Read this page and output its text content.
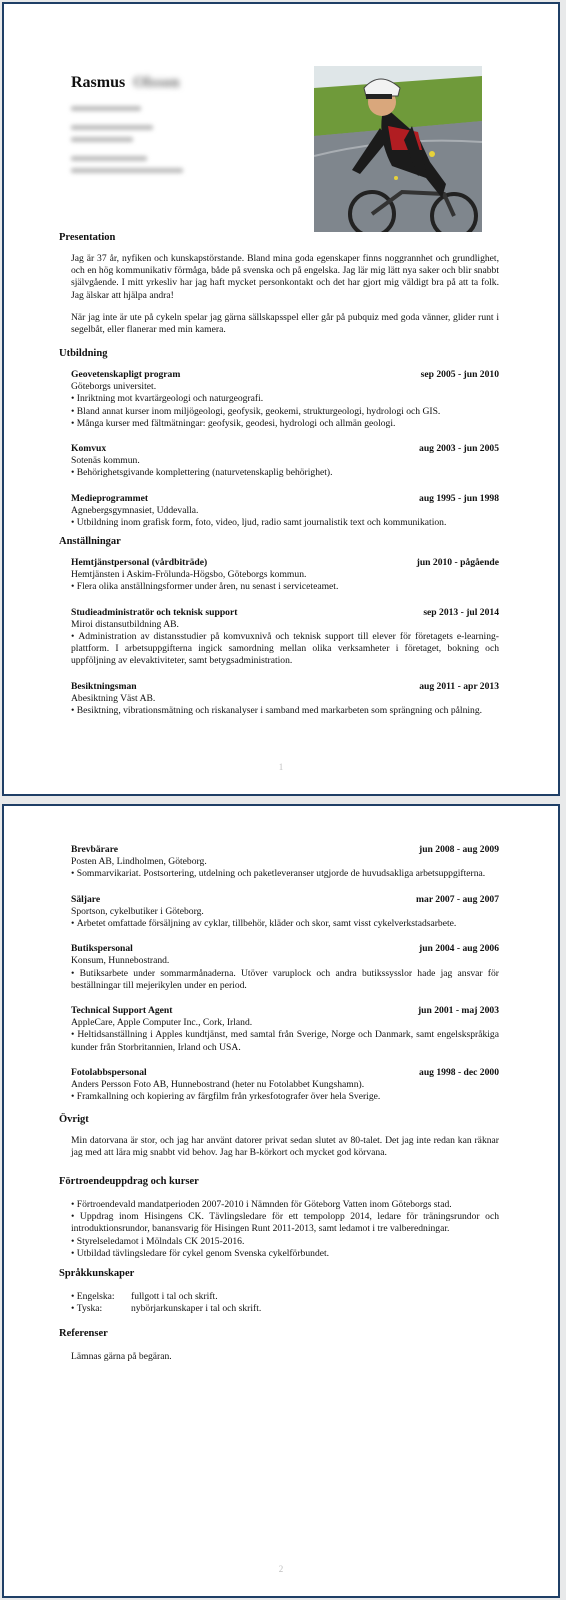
Rasmus Olsson
Presentation

Jag är 37 år, nyfiken och kunskapstörstande. Bland mina goda egenskaper finns noggrannhet och grundlighet, och en hög kommunikativ förmåga, både på svenska och på engelska. Jag lär mig lätt nya saker och blir snabbt självgående. I mitt yrkesliv har jag haft mycket personkontakt och det har gjort mig väldigt bra på att ta folk. Jag älskar att hjälpa andra!

När jag inte är ute på cykeln spelar jag gärna sällskapsspel eller går på pubquiz med goda vänner, glider runt i segelbåt, eller flanerar med min kamera.

Utbildning
Geovetenskapligt program	sep 2005 - jun 2010
Göteborgs universitet.
• Inriktning mot kvartärgeologi och naturgeografi.
• Bland annat kurser inom miljögeologi, geofysik, geokemi, strukturgeologi, hydrologi och GIS.
• Många kurser med fältmätningar: geofysik, geodesi, hydrologi och allmän geologi.
Komvux	aug 2003 - jun 2005
Sotenäs kommun.
• Behörighetsgivande komplettering (naturvetenskaplig behörighet).
Medieprogrammet	aug 1995 - jun 1998
Agnebergsgymnasiet, Uddevalla.
• Utbildning inom grafisk form, foto, video, ljud, radio samt journalistik text och kommunikation.
Anställningar
Hemtjänstpersonal (vårdbiträde)	jun 2010 - pågående
Hemtjänsten i Askim-Frölunda-Högsbo, Göteborgs kommun.
• Flera olika anställningsformer under åren, nu senast i serviceteamet.
Studieadministratör och teknisk support	sep 2013 - jul 2014
Miroi distansutbildning AB.
• Administration av distansstudier på komvuxnivå och teknisk support till elever för företagets e-learning-plattform. I arbetsuppgifterna ingick samordning mellan olika verksamheter i företaget, bokning och uppföljning av elevaktiviteter, samt betygsadministration.
Besiktningsman	aug 2011 - apr 2013
Abesiktning Väst AB.
• Besiktning, vibrationsmätning och riskanalyser i samband med markarbeten som sprängning och pålning.
1
Brevbärare	jun 2008 - aug 2009
Posten AB, Lindholmen, Göteborg.
• Sommarvikariat. Postsortering, utdelning och paketleveranser utgjorde de huvudsakliga arbetsuppgifterna.
Säljare	mar 2007 - aug 2007
Sportson, cykelbutiker i Göteborg.
• Arbetet omfattade försäljning av cyklar, tillbehör, kläder och skor, samt visst cykelverkstadsarbete.
Butikspersonal	jun 2004 - aug 2006
Konsum, Hunnebostrand.
• Butiksarbete under sommarmånaderna. Utöver varuplock och andra butikssysslor hade jag ansvar för beställningar till mejerikylen under en period.
Technical Support Agent	jun 2001 - maj 2003
AppleCare, Apple Computer Inc., Cork, Irland.
• Heltidsanställning i Apples kundtjänst, med samtal från Sverige, Norge och Danmark, samt engelskspråkiga kunder från Storbritannien, Irland och USA.
Fotolabbspersonal	aug 1998 - dec 2000
Anders Persson Foto AB, Hunnebostrand (heter nu Fotolabbet Kungshamn).
• Framkallning och kopiering av färgfilm från yrkesfotografer över hela Sverige.
Övrigt

Min datorvana är stor, och jag har använt datorer privat sedan slutet av 80-talet. Det jag inte redan kan räknar jag med att lära mig snabbt vid behov. Jag har B-körkort och mycket god körvana.

Förtroendeuppdrag och kurser
• Förtroendevald mandatperioden 2007-2010 i Nämnden för Göteborg Vatten inom Göteborgs stad.
• Uppdrag inom Hisingens CK. Tävlingsledare för ett tempolopp 2014, ledare för träningsrundor och introduktionsrundor, banansvarig för Hisingen Runt 2011-2013, samt ledamot i tre valberedningar.
• Styrelseledamot i Mölndals CK 2015-2016.
• Utbildad tävlingsledare för cykel genom Svenska cykelförbundet.
Språkkunskaper
• Engelska:	fullgott i tal och skrift.
• Tyska:	nybörjarkunskaper i tal och skrift.
Referenser

Lämnas gärna på begäran.

2
